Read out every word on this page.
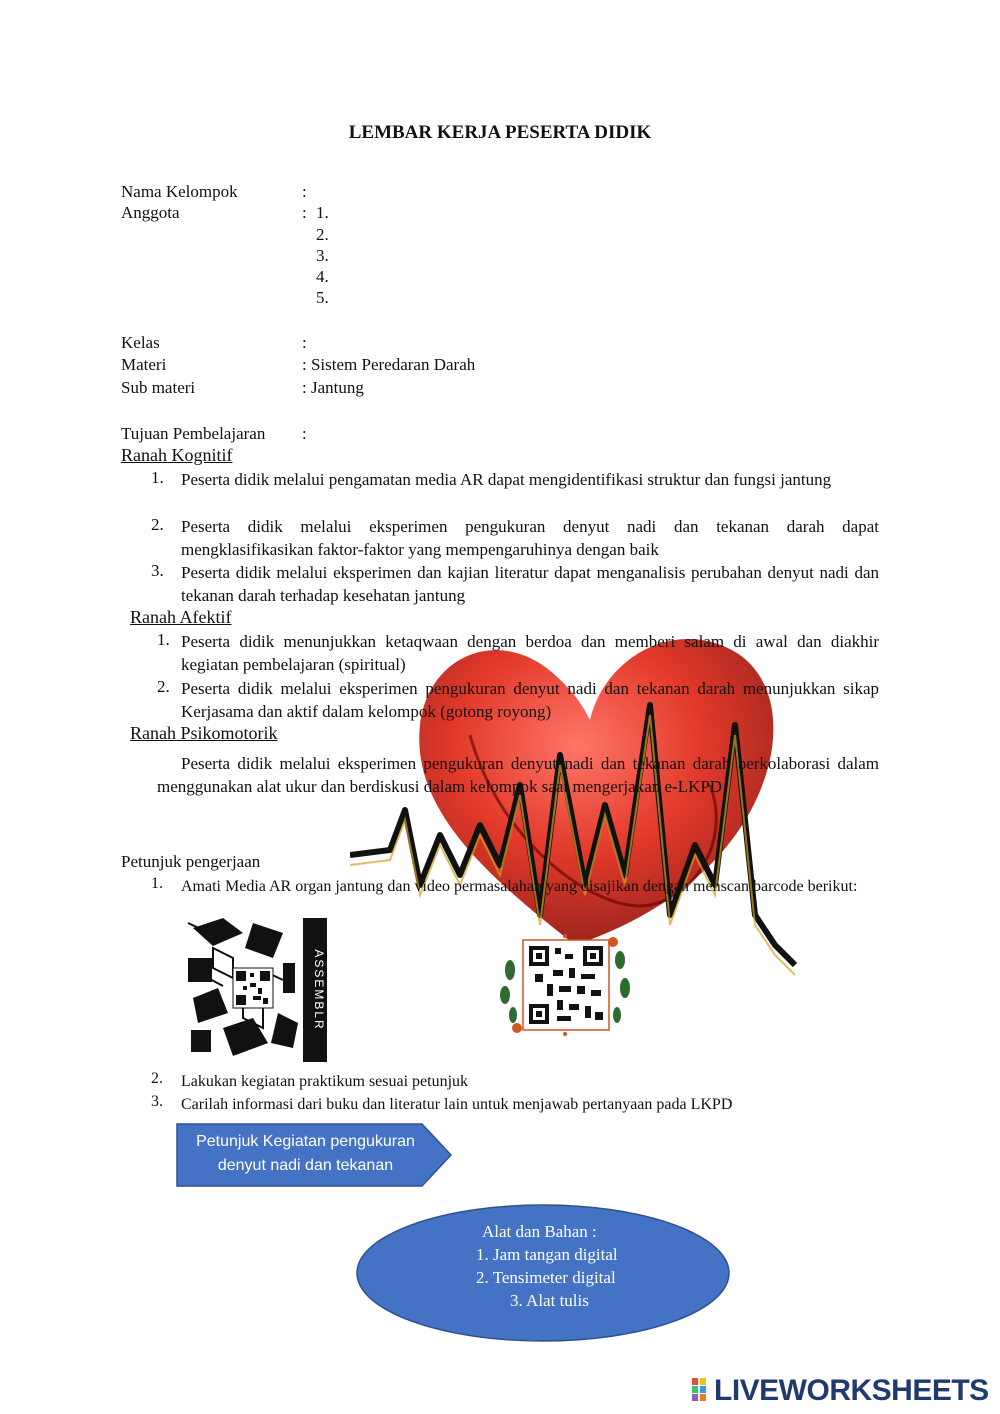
LEMBAR KERJA PESERTA DIDIK
Nama Kelompok	:
Anggota	: 1.
2.
3.
4.
5.
Kelas	:
Materi	: Sistem Peredaran Darah
Sub materi	: Jantung
Tujuan Pembelajaran :
Ranah Kognitif
1.	Peserta didik melalui pengamatan media AR dapat mengidentifikasi struktur dan fungsi jantung
2.	Peserta didik melalui eksperimen pengukuran denyut nadi dan tekanan darah dapat mengklasifikasikan faktor-faktor yang mempengaruhinya dengan baik
3.	Peserta didik melalui eksperimen dan kajian literatur dapat menganalisis perubahan denyut nadi dan tekanan darah terhadap kesehatan jantung
Ranah Afektif
1. Peserta didik menunjukkan ketaqwaan dengan berdoa dan memberi salam di awal dan diakhir kegiatan pembelajaran (spiritual)
2. Peserta didik melalui eksperimen pengukuran denyut nadi dan tekanan darah menunjukkan sikap Kerjasama dan aktif dalam kelompok (gotong royong)
Ranah Psikomotorik
Peserta didik melalui eksperimen pengukuran denyut nadi dan tekanan darah berkolaborasi dalam menggunakan alat ukur dan berdiskusi dalam kelompok saat mengerjakan e-LKPD
Petunjuk pengerjaan
1.	Amati Media AR organ jantung dan video permasalahan yang disajikan dengan menscan barcode berikut:
ASSEMBLR
2.	Lakukan kegiatan praktikum sesuai petunjuk
3.	Carilah informasi dari buku dan literatur lain untuk menjawab pertanyaan pada LKPD
Petunjuk Kegiatan pengukuran
denyut nadi dan tekanan
Alat dan Bahan :
1. Jam tangan digital
2. Tensimeter digital
3. Alat tulis
LIVEWORKSHEETS
